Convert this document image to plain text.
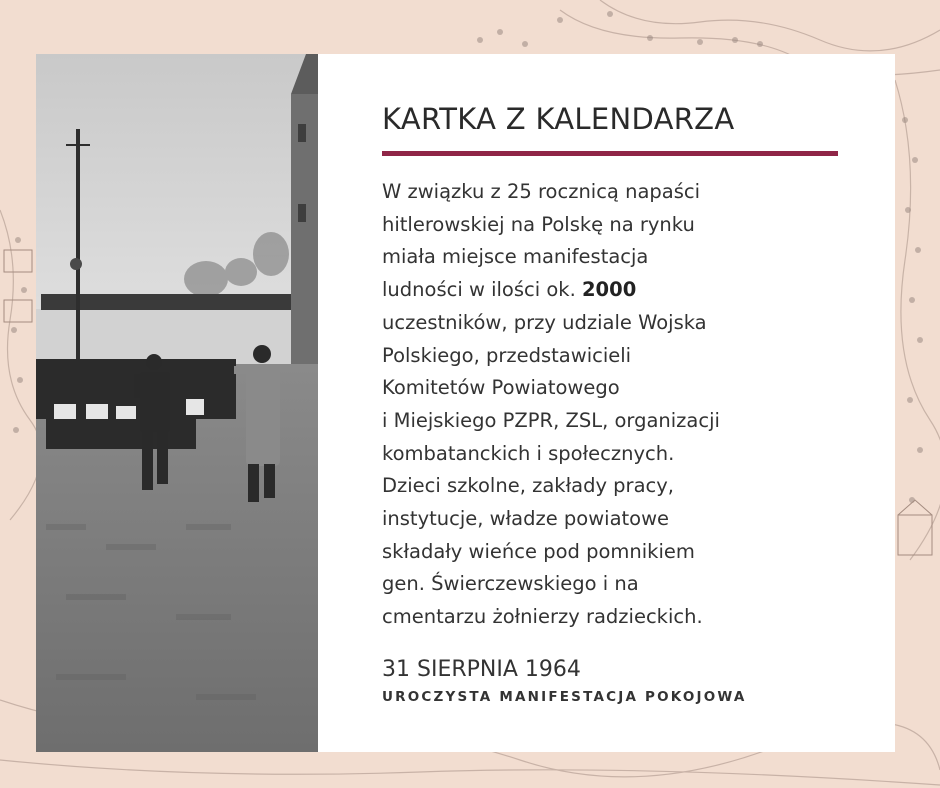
KARTKA Z KALENDARZA

W związku z 25 rocznicą napaści
hitlerowskiej na Polskę na rynku
miała miejsce manifestacja
ludności w ilości ok. 2000
uczestników, przy udziale Wojska
Polskiego, przedstawicieli
Komitetów Powiatowego
i Miejskiego PZPR, ZSL, organizacji
kombatanckich i społecznych.
Dzieci szkolne, zakłady pracy,
instytucje, władze powiatowe
składały wieńce pod pomnikiem
gen. Świerczewskiego i na
cmentarzu żołnierzy radzieckich.

31 SIERPNIA 1964

UROCZYSTA MANIFESTACJA POKOJOWA
